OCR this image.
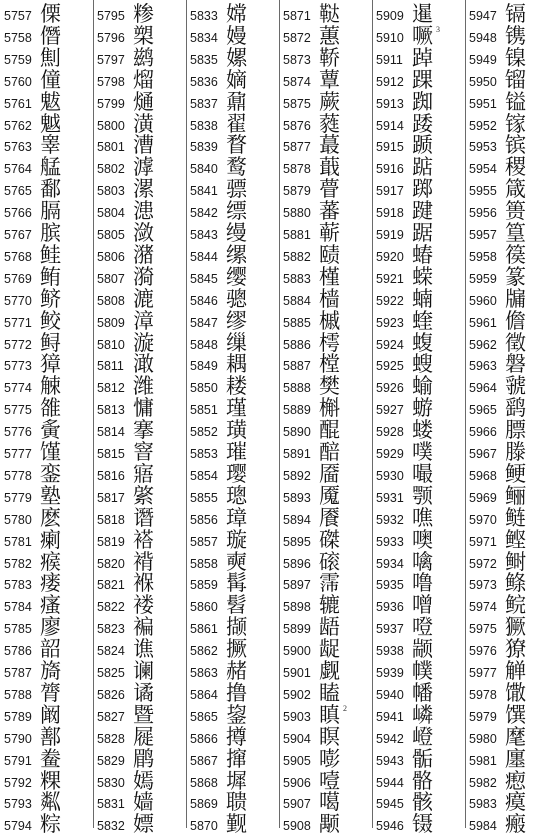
5757 傈
5758 僭
5759 劁
5760 僮
5761 魃
5762 魆
5763 睾
5764 艋
5765 鄱
5766 膈
5767 膑
5768 鲑
5769 鲔
5770 鲚
5771 鲛
5772 鲟
5773 獐
5774 觫
5775 雒
5776 夤
5777 馑
5778 銮
5779 塾
5780 麽
5781 瘌
5782 瘊
5783 瘘
5784 瘙
5785 廖
5786 韶
5787 旖
5788 膂
5789 阚
5790 鄯
5791 鲞
5792 粿
5793 粼
5794 粽
5795 糁
5796 槊
5797 鹚
5798 熘
5799 熥
5800 潢
5801 漕
5802 滹
5803 漯
5804 漶
5805 潋
5806 潴
5807 漪
5808 漉
5809 漳
5810 漩
5811 澉
5812 潍
5813 慵
5814 搴
5815 窨
5816 寤
5817 綮
5818 谮
5819 褡
5820 褙
5821 褓
5822 褛
5823 褊
5824 谯
5825 谰
5826 谲
5827 暨
5828 屣
5829 鹛
5830 嫣
5831 嫱
5832 嫖
5833 嫦
5834 嫚
5835 嫘
5836 嫡
5837 鼐
5838 翟
5839 瞀
5840 鹜
5841 骠
5842 缥
5843 缦
5844 缧
5845 缨
5846 骢
5847 缪
5848 缫
5849 耦
5850 耧
5851 瑾
5852 璜
5853 璀
5854 璎
5855 璁
5856 璋
5857 璇
5858 奭
5859 髯
5860 髫
5861 撷
5862 撅
5863 赭
5864 撸
5865 鋆
5866 撙
5867 撺
5868 墀
5869 聩
5870 觐
5871 鞑
5872 蕙
5873 鞒
5874 蕈
5875 蕨
5876 蕤
5877 蕞
5878 蕺
5879 瞢
5880 蕃
5881 蕲
5882 赜
5883 槿
5884 樯
5885 槭
5886 樗
5887 樘
5888 樊
5889 槲
5890 醌
5891 醅
5892 靥
5893 魇
5894 餍
5895 磔
5896 磙
5897 霈
5898 辘
5899 龉
5900 龊
5901 觑
5902 瞌
5903 瞋 2
5904 瞑
5905 嘭
5906 噎
5907 噶
5908 颙
5909 暹
5910 噘 3
5911 踔
5912 踝
5913 踟
5914 踒
5915 踬
5916 踮
5917 踯
5918 踺
5919 踞
5920 蝽
5921 蝾
5922 蝻
5923 蝰
5924 蝮
5925 螋
5926 蝓
5927 蝣
5928 蝼
5929 噗
5930 嘬
5931 颚
5932 噍
5933 噢
5934 噙
5935 噜
5936 噌
5937 噔
5938 颛
5939 幞
5940 幡
5941 嶙
5942 嶝
5943 骺
5944 骼
5945 骸
5946 镊
5947 镉
5948 镌
5949 镍
5950 镏
5951 镒
5952 镓
5953 镔
5954 稷
5955 箴
5956 篑
5957 篁
5958 篌
5959 篆
5960 牖
5961 儋
5962 徵
5963 磐
5964 虢
5965 鹞
5966 膘
5967 滕
5968 鲠
5969 鲡
5970 鲢
5971 鲣
5972 鲥
5973 鲦
5974 鲩
5975 獗
5976 獠
5977 觯
5978 馓
5979 馔
5980 麾
5981 廛
5982 瘛
5983 瘼
5984 瘢
